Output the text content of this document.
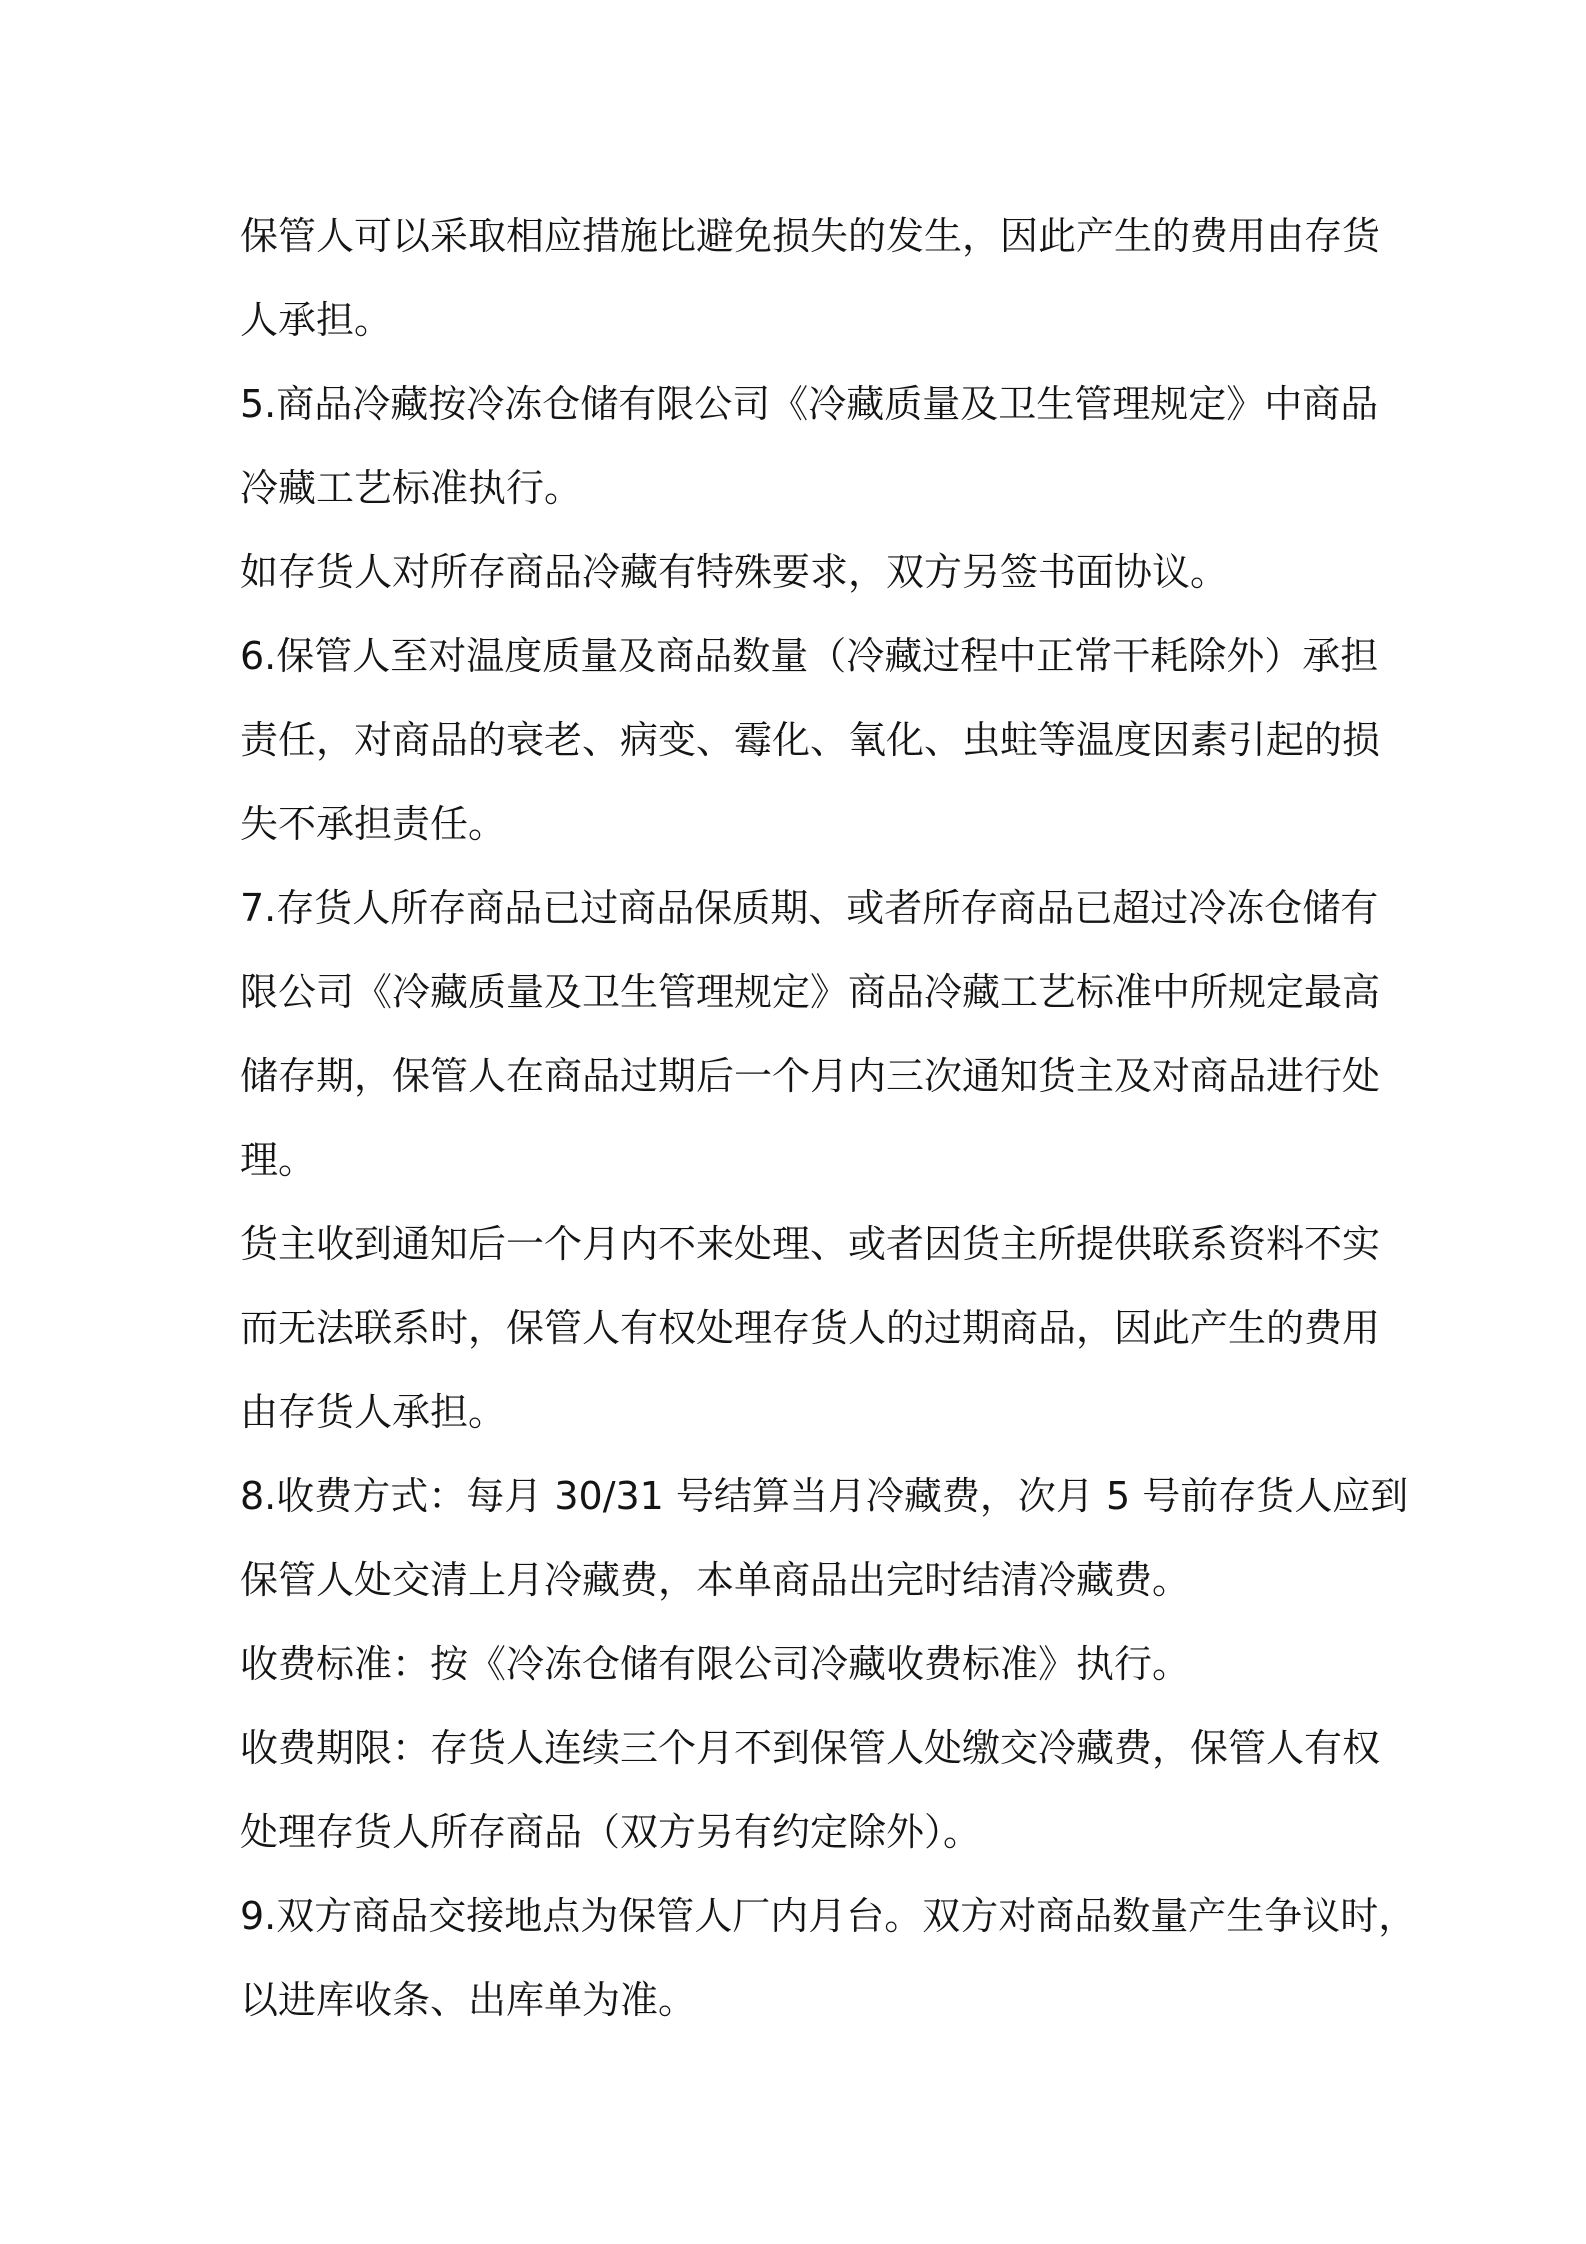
保管人可以采取相应措施比避免损失的发生，因此产生的费用由存货
人承担。
5.商品冷藏按冷冻仓储有限公司《冷藏质量及卫生管理规定》中商品
冷藏工艺标准执行。
如存货人对所存商品冷藏有特殊要求，双方另签书面协议。
6.保管人至对温度质量及商品数量（冷藏过程中正常干耗除外）承担
责任，对商品的衰老、病变、霉化、氧化、虫蛀等温度因素引起的损
失不承担责任。
7.存货人所存商品已过商品保质期、或者所存商品已超过冷冻仓储有
限公司《冷藏质量及卫生管理规定》商品冷藏工艺标准中所规定最高
储存期，保管人在商品过期后一个月内三次通知货主及对商品进行处
理。
货主收到通知后一个月内不来处理、或者因货主所提供联系资料不实
而无法联系时，保管人有权处理存货人的过期商品，因此产生的费用
由存货人承担。
8.收费方式：每月 30/31 号结算当月冷藏费，次月 5 号前存货人应到
保管人处交清上月冷藏费，本单商品出完时结清冷藏费。
收费标准：按《冷冻仓储有限公司冷藏收费标准》执行。
收费期限：存货人连续三个月不到保管人处缴交冷藏费，保管人有权
处理存货人所存商品（双方另有约定除外）。
9.双方商品交接地点为保管人厂内月台。双方对商品数量产生争议时，
以进库收条、出库单为准。
